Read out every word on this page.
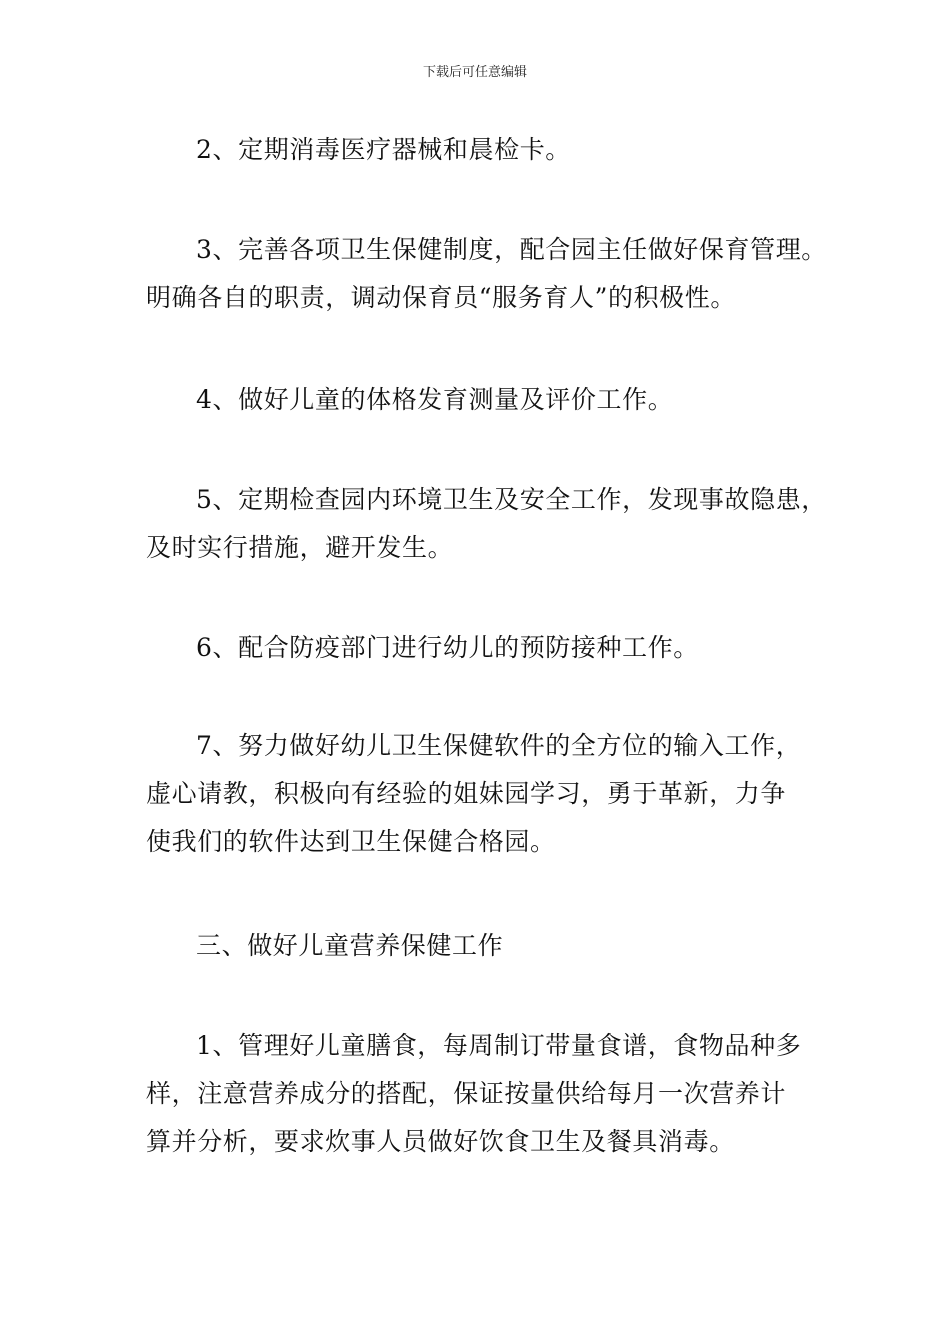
下载后可任意编辑
2、定期消毒医疗器械和晨检卡。
3、完善各项卫生保健制度，配合园主任做好保育管理。
明确各自的职责，调动保育员“服务育人”的积极性。
4、做好儿童的体格发育测量及评价工作。
5、定期检查园内环境卫生及安全工作，发现事故隐患，
及时实行措施，避开发生。
6、配合防疫部门进行幼儿的预防接种工作。
7、努力做好幼儿卫生保健软件的全方位的输入工作，
虚心请教，积极向有经验的姐妹园学习，勇于革新，力争
使我们的软件达到卫生保健合格园。
三、做好儿童营养保健工作
1、管理好儿童膳食，每周制订带量食谱，食物品种多
样，注意营养成分的搭配，保证按量供给每月一次营养计
算并分析，要求炊事人员做好饮食卫生及餐具消毒。
